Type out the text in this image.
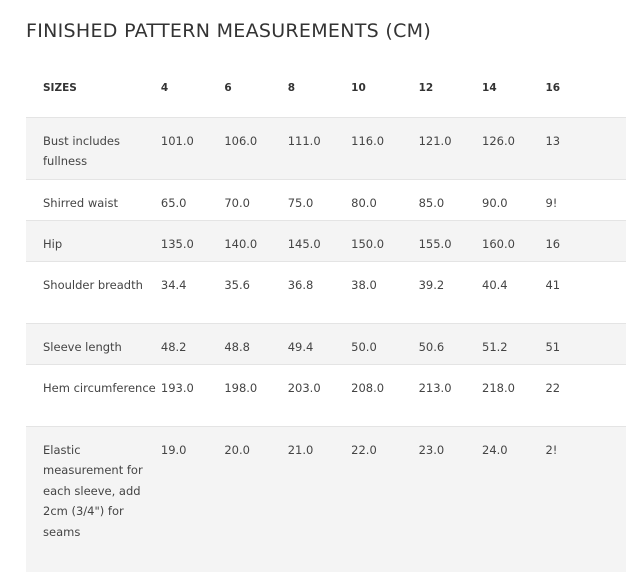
FINISHED PATTERN MEASUREMENTS (CM)
SIZES	4	6	8	10	12	14	16
Bust includes fullness	101.0	106.0	111.0	116.0	121.0	126.0	13
Shirred waist	65.0	70.0	75.0	80.0	85.0	90.0	9!
Hip	135.0	140.0	145.0	150.0	155.0	160.0	16
Shoulder breadth	34.4	35.6	36.8	38.0	39.2	40.4	41
Sleeve length	48.2	48.8	49.4	50.0	50.6	51.2	51
Hem circumference	193.0	198.0	203.0	208.0	213.0	218.0	22
Elastic measurement for each sleeve, add 2cm (3/4") for seams	19.0	20.0	21.0	22.0	23.0	24.0	2!
